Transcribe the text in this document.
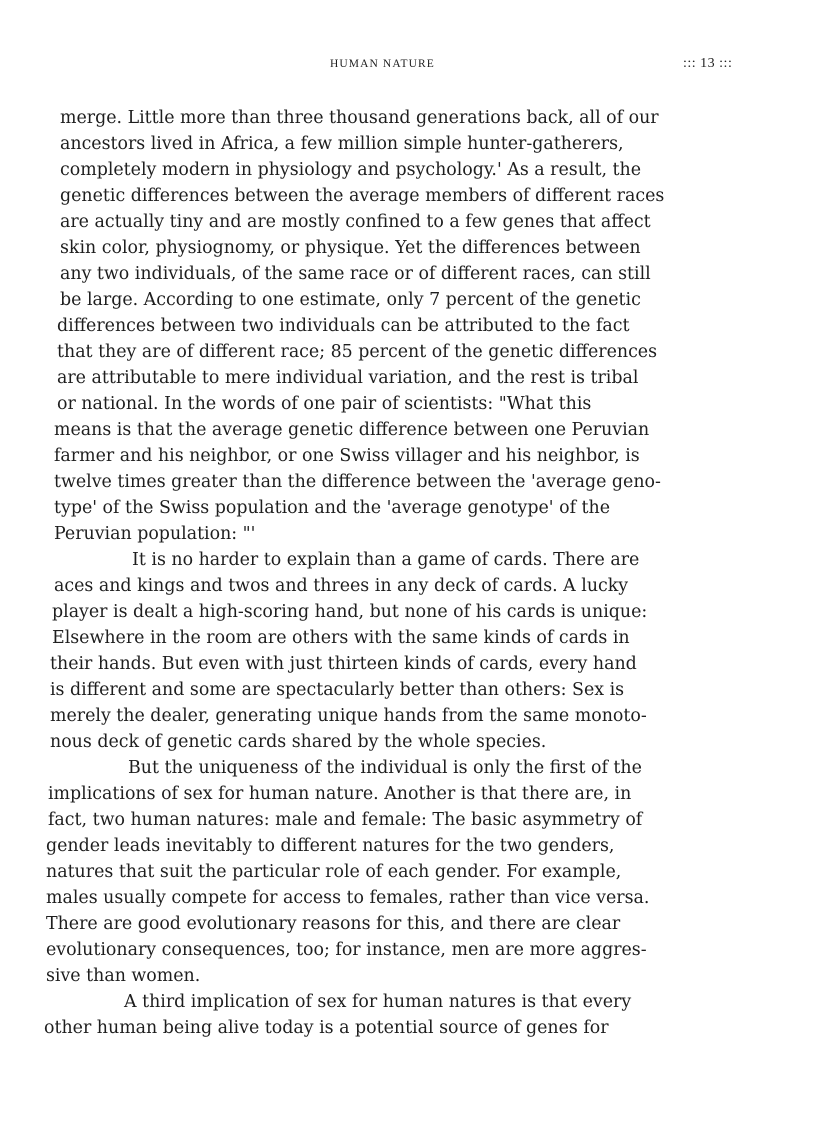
HUMAN NATURE	::: 13 :::
merge. Little more than three thousand generations back, all of our
ancestors lived in Africa, a few million simple hunter-gatherers,
completely modern in physiology and psychology.' As a result, the
genetic differences between the average members of different races
are actually tiny and are mostly confined to a few genes that affect
skin color, physiognomy, or physique. Yet the differences between
any two individuals, of the same race or of different races, can still
be large. According to one estimate, only 7 percent of the genetic
differences between two individuals can be attributed to the fact
that they are of different race; 85 percent of the genetic differences
are attributable to mere individual variation, and the rest is tribal
or national. In the words of one pair of scientists: "What this
means is that the average genetic difference between one Peruvian
farmer and his neighbor, or one Swiss villager and his neighbor, is
twelve times greater than the difference between the 'average geno-
type' of the Swiss population and the 'average genotype' of the
Peruvian population: "'
It is no harder to explain than a game of cards. There are
aces and kings and twos and threes in any deck of cards. A lucky
player is dealt a high-scoring hand, but none of his cards is unique:
Elsewhere in the room are others with the same kinds of cards in
their hands. But even with just thirteen kinds of cards, every hand
is different and some are spectacularly better than others: Sex is
merely the dealer, generating unique hands from the same monoto-
nous deck of genetic cards shared by the whole species.
But the uniqueness of the individual is only the first of the
implications of sex for human nature. Another is that there are, in
fact, two human natures: male and female: The basic asymmetry of
gender leads inevitably to different natures for the two genders,
natures that suit the particular role of each gender. For example,
males usually compete for access to females, rather than vice versa.
There are good evolutionary reasons for this, and there are clear
evolutionary consequences, too; for instance, men are more aggres-
sive than women.
A third implication of sex for human natures is that every
other human being alive today is a potential source of genes for
